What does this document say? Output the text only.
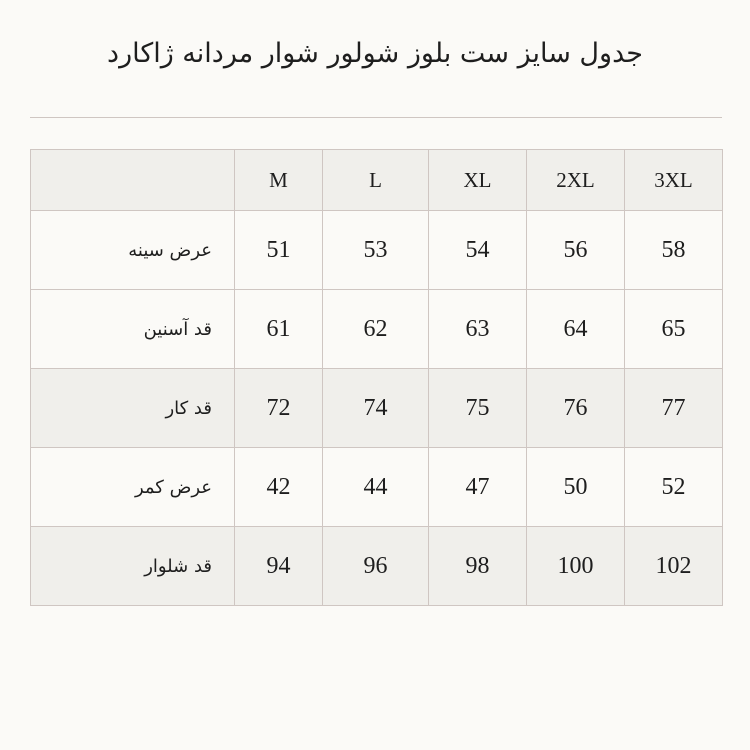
جدول سایز ست بلوز شولور شوار مردانه ژاکارد
	M	L	XL	2XL	3XL
عرض سینه	51	53	54	56	58
قد آسنین	61	62	63	64	65
قد کار	72	74	75	76	77
عرض کمر	42	44	47	50	52
قد شلوار	94	96	98	100	102
